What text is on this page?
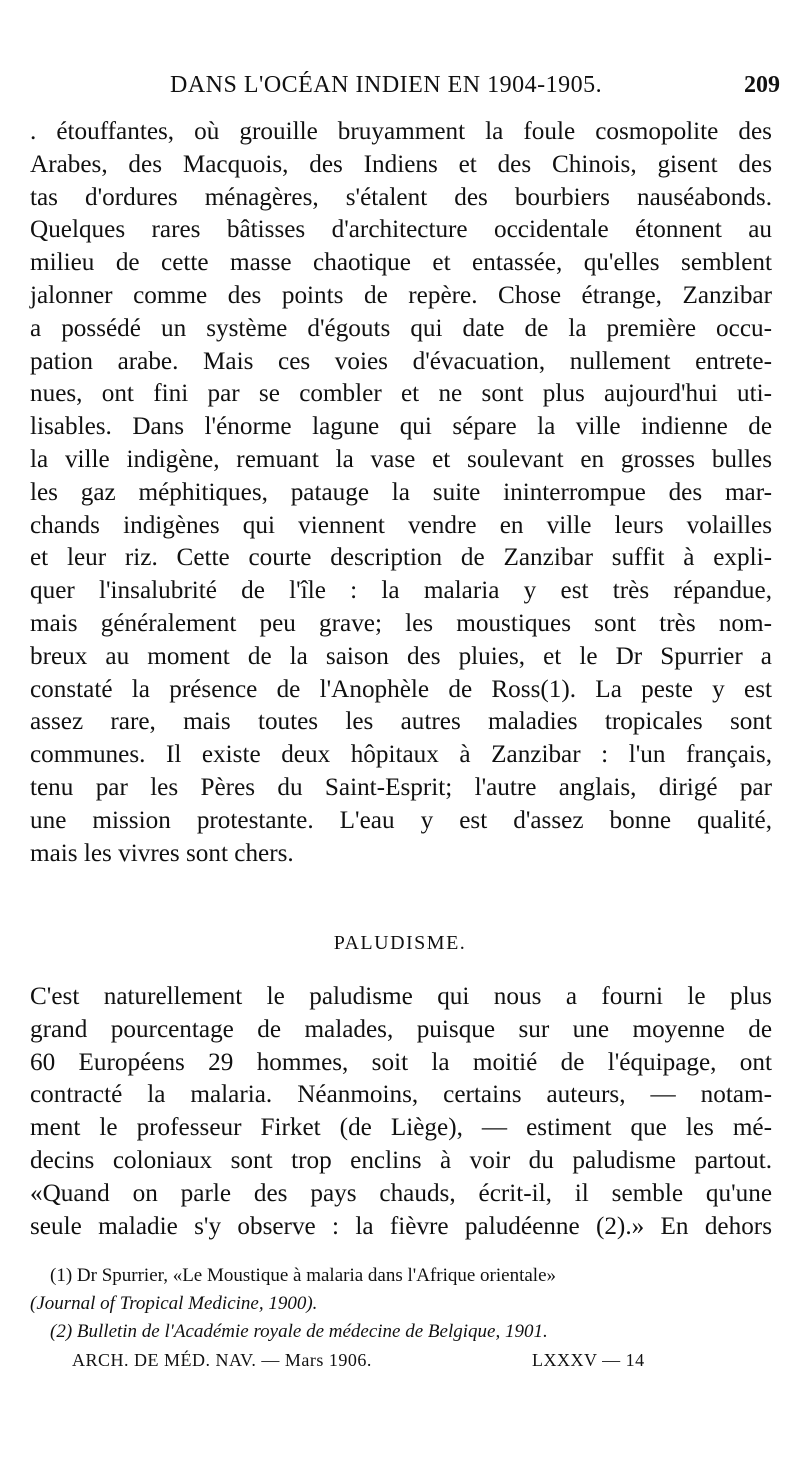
DANS L'OCÉAN INDIEN EN 1904-1905.	209
. étouffantes, où grouille bruyamment la foule cosmopolite des
Arabes, des Macquois, des Indiens et des Chinois, gisent des
tas d'ordures ménagères, s'étalent des bourbiers nauséabonds.
Quelques rares bâtisses d'architecture occidentale étonnent au
milieu de cette masse chaotique et entassée, qu'elles semblent
jalonner comme des points de repère. Chose étrange, Zanzibar
a possédé un système d'égouts qui date de la première occu-
pation arabe. Mais ces voies d'évacuation, nullement entrete-
nues, ont fini par se combler et ne sont plus aujourd'hui uti-
lisables. Dans l'énorme lagune qui sépare la ville indienne de
la ville indigène, remuant la vase et soulevant en grosses bulles
les gaz méphitiques, patauge la suite ininterrompue des mar-
chands indigènes qui viennent vendre en ville leurs volailles
et leur riz. Cette courte description de Zanzibar suffit à expli-
quer l'insalubrité de l'île : la malaria y est très répandue,
mais généralement peu grave; les moustiques sont très nom-
breux au moment de la saison des pluies, et le Dr Spurrier a
constaté la présence de l'Anophèle de Ross(1). La peste y est
assez rare, mais toutes les autres maladies tropicales sont
communes. Il existe deux hôpitaux à Zanzibar : l'un français,
tenu par les Pères du Saint-Esprit; l'autre anglais, dirigé par
une mission protestante. L'eau y est d'assez bonne qualité,
mais les vivres sont chers.
PALUDISME.
C'est naturellement le paludisme qui nous a fourni le plus
grand pourcentage de malades, puisque sur une moyenne de
60 Européens 29 hommes, soit la moitié de l'équipage, ont
contracté la malaria. Néanmoins, certains auteurs, — notam-
ment le professeur Firket (de Liège), — estiment que les mé-
decins coloniaux sont trop enclins à voir du paludisme partout.
«Quand on parle des pays chauds, écrit-il, il semble qu'une
seule maladie s'y observe : la fièvre paludéenne (2).» En dehors
(1) Dr Spurrier, «Le Moustique à malaria dans l'Afrique orientale»
(Journal of Tropical Medicine, 1900).
(2) Bulletin de l'Académie royale de médecine de Belgique, 1901.
ARCH. DE MÉD. NAV. — Mars 1906.	LXXXV — 14
